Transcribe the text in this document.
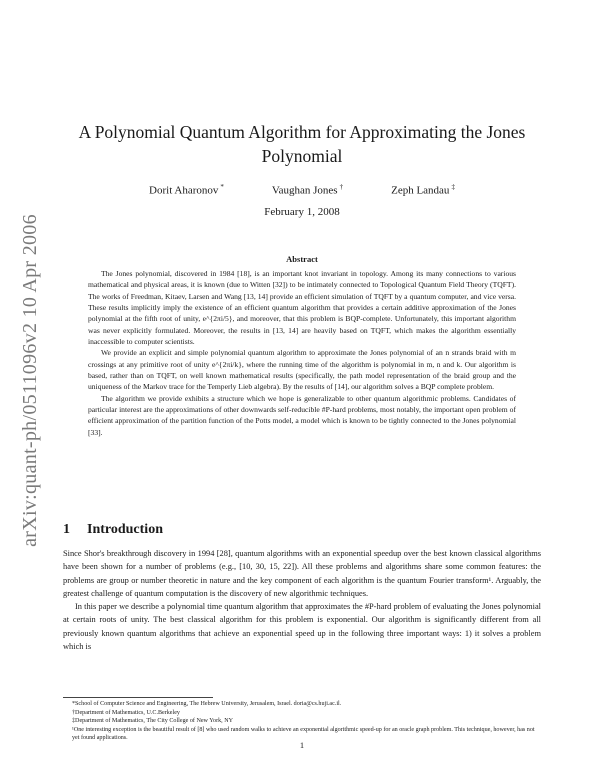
arXiv:quant-ph/0511096v2 10 Apr 2006
A Polynomial Quantum Algorithm for Approximating the Jones Polynomial
Dorit Aharonov *	Vaughan Jones †	Zeph Landau ‡
February 1, 2008
Abstract

The Jones polynomial, discovered in 1984 [18], is an important knot invariant in topology. Among its many connections to various mathematical and physical areas, it is known (due to Witten [32]) to be intimately connected to Topological Quantum Field Theory (TQFT). The works of Freedman, Kitaev, Larsen and Wang [13, 14] provide an efficient simulation of TQFT by a quantum computer, and vice versa. These results implicitly imply the existence of an efficient quantum algorithm that provides a certain additive approximation of the Jones polynomial at the fifth root of unity, e^{2πi/5}, and moreover, that this problem is BQP-complete. Unfortunately, this important algorithm was never explicitly formulated. Moreover, the results in [13, 14] are heavily based on TQFT, which makes the algorithm essentially inaccessible to computer scientists.

We provide an explicit and simple polynomial quantum algorithm to approximate the Jones polynomial of an n strands braid with m crossings at any primitive root of unity e^{2πi/k}, where the running time of the algorithm is polynomial in m, n and k. Our algorithm is based, rather than on TQFT, on well known mathematical results (specifically, the path model representation of the braid group and the uniqueness of the Markov trace for the Temperly Lieb algebra). By the results of [14], our algorithm solves a BQP complete problem.

The algorithm we provide exhibits a structure which we hope is generalizable to other quantum algorithmic problems. Candidates of particular interest are the approximations of other downwards self-reducible #P-hard problems, most notably, the important open problem of efficient approximation of the partition function of the Potts model, a model which is known to be tightly connected to the Jones polynomial [33].

1 Introduction

Since Shor's breakthrough discovery in 1994 [28], quantum algorithms with an exponential speedup over the best known classical algorithms have been shown for a number of problems (e.g., [10, 30, 15, 22]). All these problems and algorithms share some common features: the problems are group or number theoretic in nature and the key component of each algorithm is the quantum Fourier transform¹. Arguably, the greatest challenge of quantum computation is the discovery of new algorithmic techniques.

In this paper we describe a polynomial time quantum algorithm that approximates the #P-hard problem of evaluating the Jones polynomial at certain roots of unity. The best classical algorithm for this problem is exponential. Our algorithm is significantly different from all previously known quantum algorithms that achieve an exponential speed up in the following three important ways: 1) it solves a problem which is

*School of Computer Science and Engineering, The Hebrew University, Jerusalem, Israel. doria@cs.huji.ac.il.

†Department of Mathematics, U.C.Berkeley

‡Department of Mathematics, The City College of New York, NY

¹One interesting exception is the beautiful result of [8] who used random walks to achieve an exponential algorithmic speed-up for an oracle graph problem. This technique, however, has not yet found applications.

1
